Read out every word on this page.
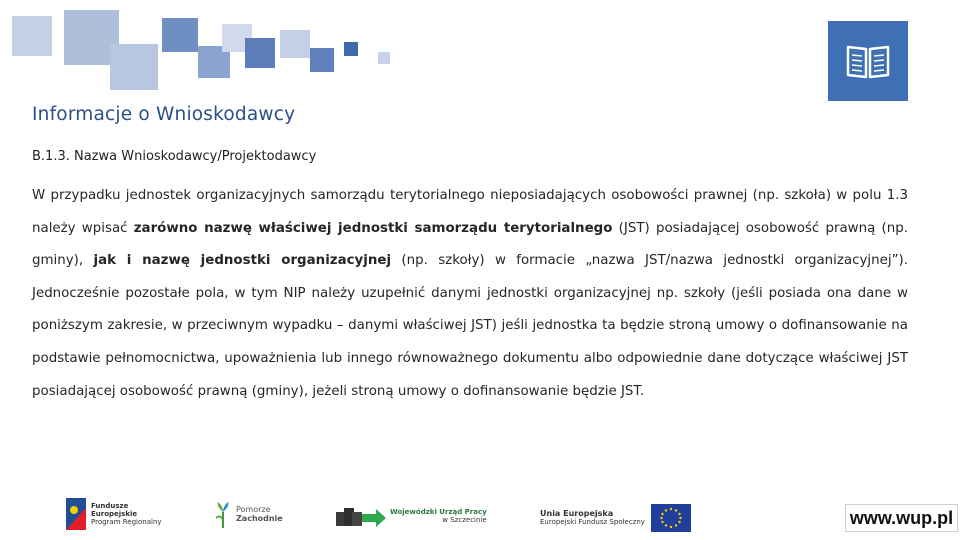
Informacje o Wnioskodawcy
B.1.3. Nazwa Wnioskodawcy/Projektodawcy
W przypadku jednostek organizacyjnych samorządu terytorialnego nieposiadających osobowości prawnej (np. szkoła) w polu 1.3 należy wpisać zarówno nazwę właściwej jednostki samorządu terytorialnego (JST) posiadającej osobowość prawną (np. gminy), jak i nazwę jednostki organizacyjnej (np. szkoły) w formacie „nazwa JST/nazwa jednostki organizacyjnej”). Jednocześnie pozostałe pola, w tym NIP należy uzupełnić danymi jednostki organizacyjnej np. szkoły (jeśli posiada ona dane w poniższym zakresie, w przeciwnym wypadku – danymi właściwej JST) jeśli jednostka ta będzie stroną umowy o dofinansowanie na podstawie pełnomocnictwa, upoważnienia lub innego równoważnego dokumentu albo odpowiednie dane dotyczące właściwej JST posiadającej osobowość prawną (gminy), jeżeli stroną umowy o dofinansowanie będzie JST.
Fundusze
Europejskie
Program Regionalny
Pomorze
Zachodnie
Wojewódzki Urząd Pracy
w Szczecinie
Unia Europejska
Europejski Fundusz Społeczny	www.wup.pl
